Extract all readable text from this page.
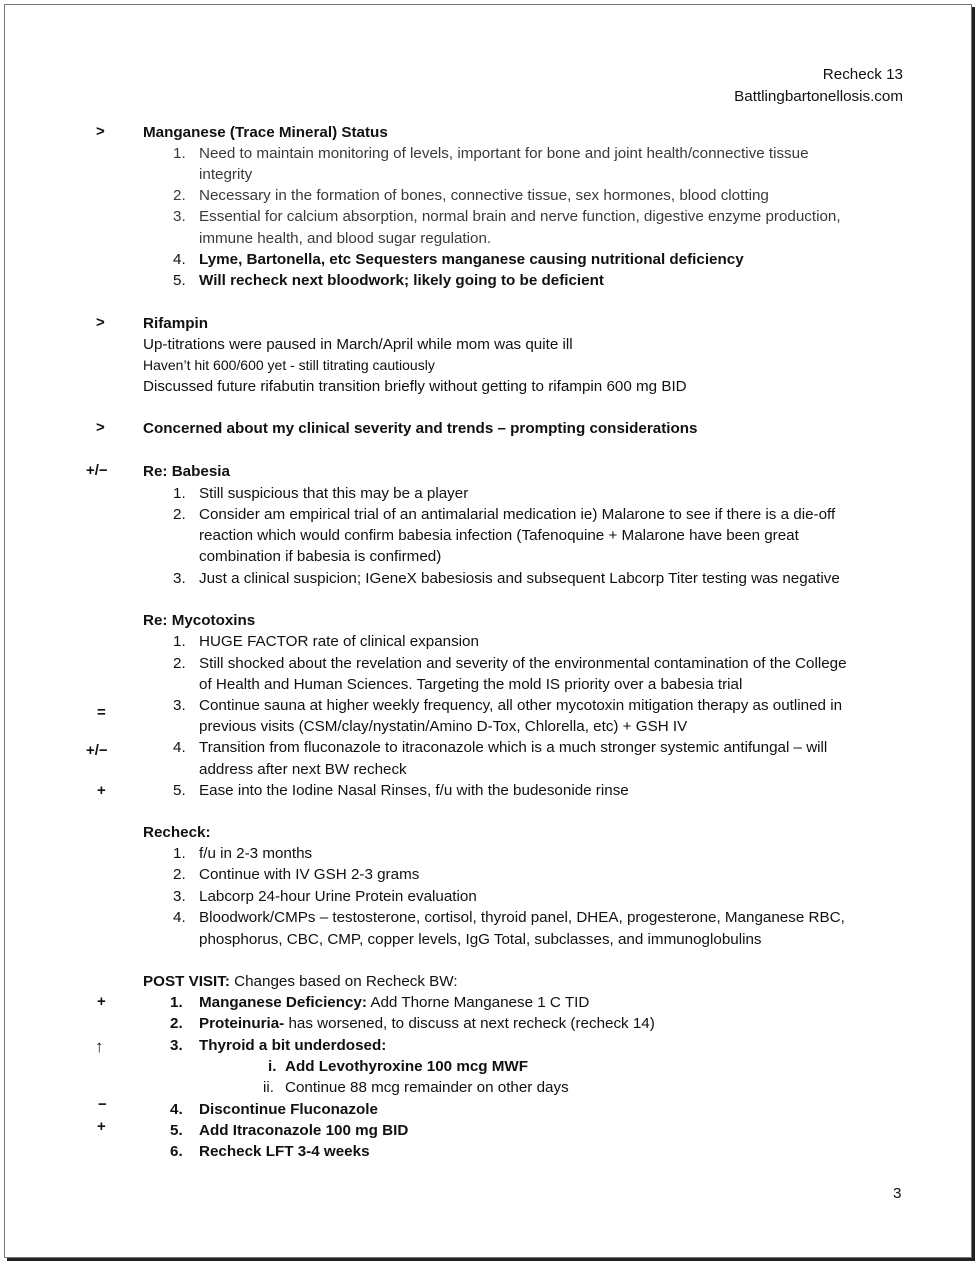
Recheck 13
Battlingbartonellosis.com
>	Manganese (Trace Mineral) Status
1. Need to maintain monitoring of levels, important for bone and joint health/connective tissue
integrity
2. Necessary in the formation of bones, connective tissue, sex hormones, blood clotting
3. Essential for calcium absorption, normal brain and nerve function, digestive enzyme production,
immune health, and blood sugar regulation.
4. Lyme, Bartonella, etc Sequesters manganese causing nutritional deficiency
5. Will recheck next bloodwork; likely going to be deficient
>	Rifampin
Up-titrations were paused in March/April while mom was quite ill
Haven’t hit 600/600 yet - still titrating cautiously
Discussed future rifabutin transition briefly without getting to rifampin 600 mg BID
>	Concerned about my clinical severity and trends – prompting considerations
+/− Re: Babesia
1. Still suspicious that this may be a player
2. Consider am empirical trial of an antimalarial medication ie) Malarone to see if there is a die-off
reaction which would confirm babesia infection (Tafenoquine + Malarone have been great
combination if babesia is confirmed)
3. Just a clinical suspicion; IGeneX babesiosis and subsequent Labcorp Titer testing was negative
Re: Mycotoxins
1. HUGE FACTOR rate of clinical expansion
2. Still shocked about the revelation and severity of the environmental contamination of the College
of Health and Human Sciences. Targeting the mold IS priority over a babesia trial
=	3. Continue sauna at higher weekly frequency, all other mycotoxin mitigation therapy as outlined in
previous visits (CSM/clay/nystatin/Amino D-Tox, Chlorella, etc) + GSH IV
+/−	4. Transition from fluconazole to itraconazole which is a much stronger systemic antifungal – will
address after next BW recheck
+	5. Ease into the Iodine Nasal Rinses, f/u with the budesonide rinse
Recheck:
1. f/u in 2-3 months
2. Continue with IV GSH 2-3 grams
3. Labcorp 24-hour Urine Protein evaluation
4. Bloodwork/CMPs – testosterone, cortisol, thyroid panel, DHEA, progesterone, Manganese RBC,
phosphorus, CBC, CMP, copper levels, IgG Total, subclasses, and immunoglobulins
POST VISIT: Changes based on Recheck BW:
+	1. Manganese Deficiency: Add Thorne Manganese 1 C TID
2. Proteinuria- has worsened, to discuss at next recheck (recheck 14)
↑	3. Thyroid a bit underdosed:
i. Add Levothyroxine 100 mcg MWF
ii. Continue 88 mcg remainder on other days
−	4. Discontinue Fluconazole
+	5. Add Itraconazole 100 mg BID
6. Recheck LFT 3-4 weeks
3
